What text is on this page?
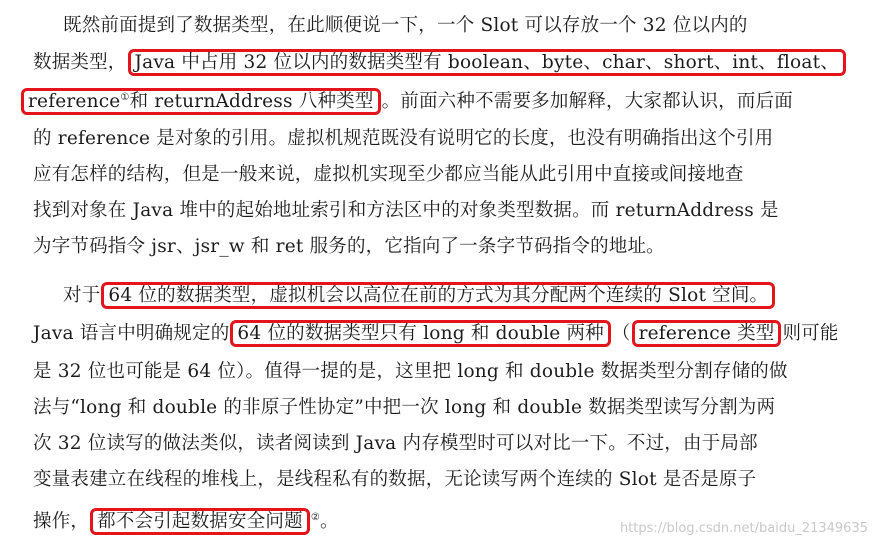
既然前面提到了数据类型，在此顺便说一下，一个 Slot 可以存放一个 32 位以内的
数据类型， Java 中占用 32 位以内的数据类型有 boolean、byte、char、short、int、float、
reference①和 returnAddress 八种类型 。前面六种不需要多加解释，大家都认识，而后面
的 reference 是对象的引用。虚拟机规范既没有说明它的长度，也没有明确指出这个引用
应有怎样的结构，但是一般来说，虚拟机实现至少都应当能从此引用中直接或间接地查
找到对象在 Java 堆中的起始地址索引和方法区中的对象类型数据。而 returnAddress 是
为字节码指令 jsr、jsr_w 和 ret 服务的，它指向了一条字节码指令的地址。
对于 64 位的数据类型，虚拟机会以高位在前的方式为其分配两个连续的 Slot 空间。
Java 语言中明确规定的 64 位的数据类型只有 long 和 double 两种 （ reference 类型 则可能
是 32 位也可能是 64 位）。值得一提的是，这里把 long 和 double 数据类型分割存储的做
法与“long 和 double 的非原子性协定”中把一次 long 和 double 数据类型读写分割为两
次 32 位读写的做法类似，读者阅读到 Java 内存模型时可以对比一下。不过，由于局部
变量表建立在线程的堆栈上，是线程私有的数据，无论读写两个连续的 Slot 是否是原子
操作， 都不会引起数据安全问题 ②。	https://blog.csdn.net/baidu_21349635
